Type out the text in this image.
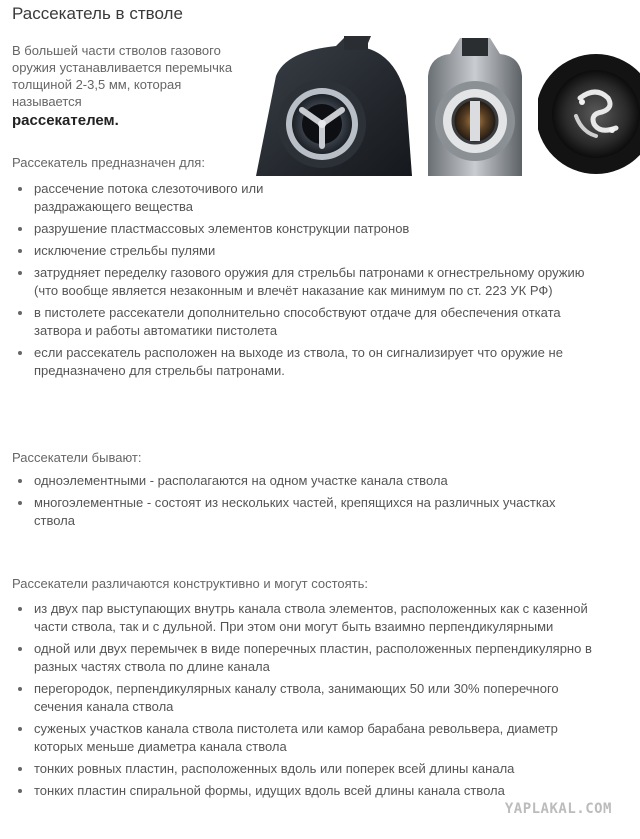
Рассекатель в стволе
В большей части стволов газового оружия устанавливается перемычка толщиной 2-3,5 мм, которая называется
рассекателем.

Рассекатель предназначен для:

рассечение потока слезоточивого или раздражающего вещества
разрушение пластмассовых элементов конструкции патронов
исключение стрельбы пулями
затрудняет переделку газового оружия для стрельбы патронами к огнестрельному оружию (что вообще является незаконным и влечёт наказание как минимум по ст. 223 УК РФ)
в пистолете рассекатели дополнительно способствуют отдаче для обеспечения отката затвора и работы автоматики пистолета
если рассекатель расположен на выходе из ствола, то он сигнализирует что оружие не предназначено для стрельбы патронами.

Рассекатели бывают:

одноэлементными - располагаются на одном участке канала ствола
многоэлементные - состоят из нескольких частей, крепящихся на различных участках ствола

Рассекатели различаются конструктивно и могут состоять:

из двух пар выступающих внутрь канала ствола элементов, расположенных как с казенной части ствола, так и с дульной. При этом они могут быть взаимно перпендикулярными
одной или двух перемычек в виде поперечных пластин, расположенных перпендикулярно в разных частях ствола по длине канала
перегородок, перпендикулярных каналу ствола, занимающих 50 или 30% поперечного сечения канала ствола
суженых участков канала ствола пистолета или камор барабана револьвера, диаметр которых меньше диаметра канала ствола
тонких ровных пластин, расположенных вдоль или поперек всей длины канала
тонких пластин спиральной формы, идущих вдоль всей длины канала ствола
YAPLAKAL.COM
